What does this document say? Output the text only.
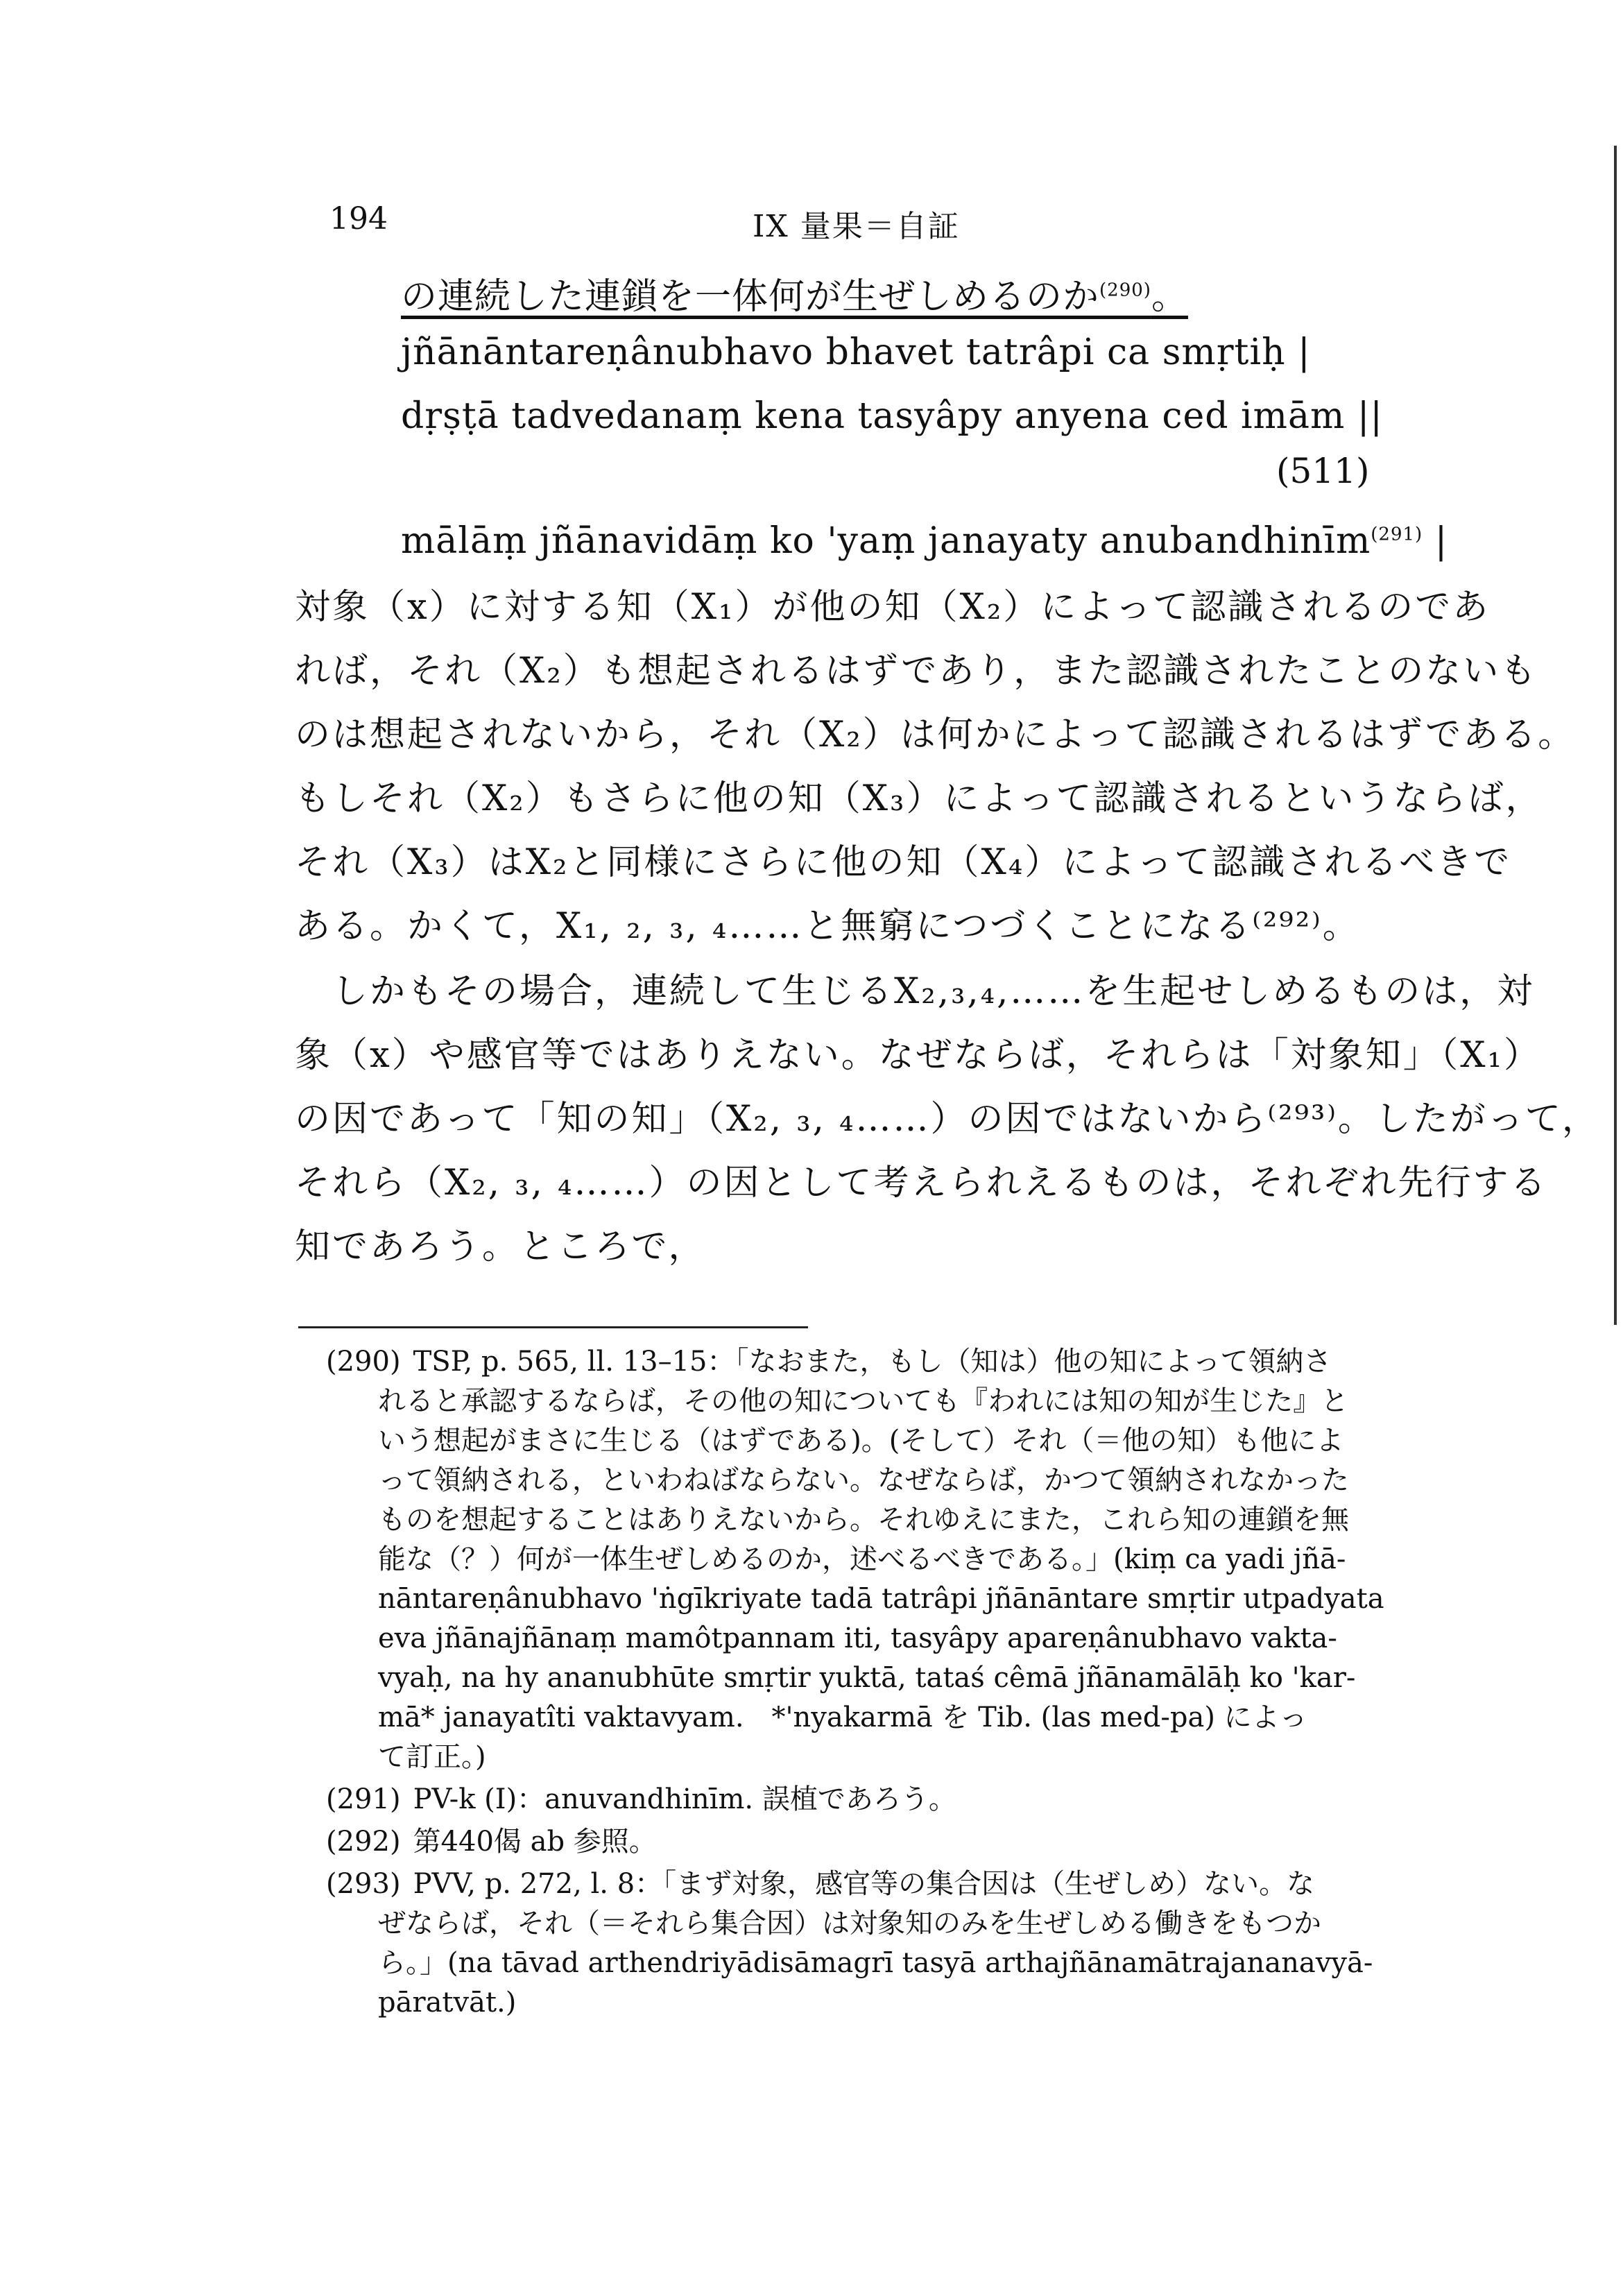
194	IX 量果＝自証
の連続した連鎖を一体何が生ぜしめるのか$^{(290)}$。
jñānāntareṇânubhavo bhavet tatrâpi ca smṛtiḥ |
dṛṣṭā tadvedanaṃ kena tasyâpy anyena ced imām ||
(511)
mālāṃ jñānavidāṃ ko 'yaṃ janayaty anubandhinīm$^{(291)}$ |
対象（x）に対する知（X₁）が他の知（X₂）によって認識されるのであ
れば，それ（X₂）も想起されるはずであり，また認識されたことのないも
のは想起されないから，それ（X₂）は何かによって認識されるはずである。
もしそれ（X₂）もさらに他の知（X₃）によって認識されるというならば，
それ（X₃）はX₂と同様にさらに他の知（X₄）によって認識されるべきで
ある。かくて，X₁, ₂, ₃, ₄……と無窮につづくことになる⁽²⁹²⁾。
　しかもその場合，連続して生じるX₂,₃,₄,……を生起せしめるものは，対
象（x）や感官等ではありえない。なぜならば，それらは「対象知」（X₁）
の因であって「知の知」（X₂, ₃, ₄……）の因ではないから⁽²⁹³⁾。したがって，
それら（X₂, ₃, ₄……）の因として考えられえるものは，それぞれ先行する
知であろう。ところで，
(290) TSP, p. 565, ll. 13–15：「なおまた，もし（知は）他の知によって領納さ
れると承認するならば，その他の知についても『われには知の知が生じた』と
いう想起がまさに生じる（はずである)。(そして）それ（＝他の知）も他によ
って領納される，といわねばならない。なぜならば，かつて領納されなかった
ものを想起することはありえないから。それゆえにまた，これら知の連鎖を無
能な（？）何が一体生ぜしめるのか，述べるべきである。」(kiṃ ca yadi jñā-
nāntareṇânubhavo 'ṅgīkriyate tadā tatrâpi jñānāntare smṛtir utpadyata
eva jñānajñānaṃ mamôtpannam iti, tasyâpy apareṇânubhavo vakta-
vyaḥ, na hy ananubhūte smṛtir yuktā, tataś cêmā jñānamālāḥ ko 'kar-
mā* janayatîti vaktavyam.　*'nyakarmā を Tib. (las med-pa) によっ
て訂正。)
(291) PV-k (I)：anuvandhinīm. 誤植であろう。
(292) 第440偈 ab 参照。
(293) PVV, p. 272, l. 8：「まず対象，感官等の集合因は（生ぜしめ）ない。な
ぜならば，それ（＝それら集合因）は対象知のみを生ぜしめる働きをもつか
ら。」(na tāvad arthendriyādisāmagrī tasyā arthajñānamātrajananavyā-
pāratvāt.)
